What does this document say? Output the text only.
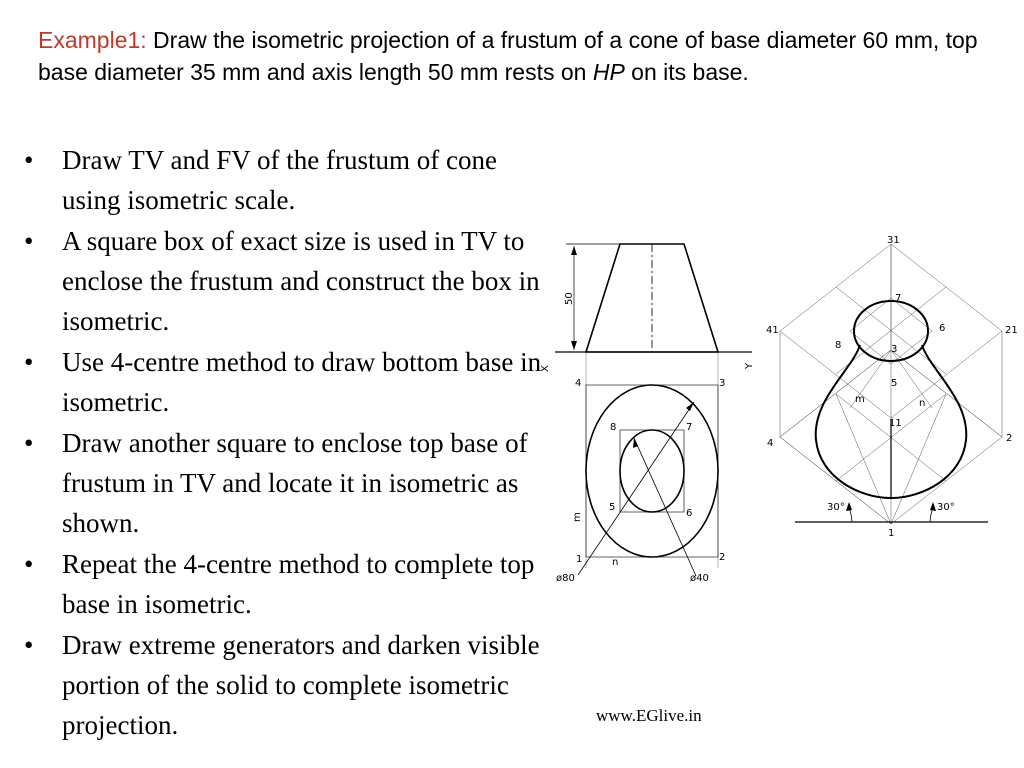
Example1: Draw the isometric projection of a frustum of a cone of base diameter 60 mm, top base diameter 35 mm and axis length 50 mm rests on HP on its base.
• Draw TV and FV of the frustum of cone using isometric scale.
• A square box of exact size is used in TV to enclose the frustum and construct the box in isometric.
• Use 4-centre method to draw bottom base in isometric.
• Draw another square to enclose top base of frustum in TV and locate it in isometric as shown.
• Repeat the 4-centre method to complete top base in isometric.
• Draw extreme generators and darken visible portion of the solid to complete isometric projection.
50
X	Y
4	3
1	2
8	7
5
6
m
n
ø80	ø40
31
41	21
7
8
6
3
5
m	n
11
4	2
1
30°	30°
www.EGlive.in
